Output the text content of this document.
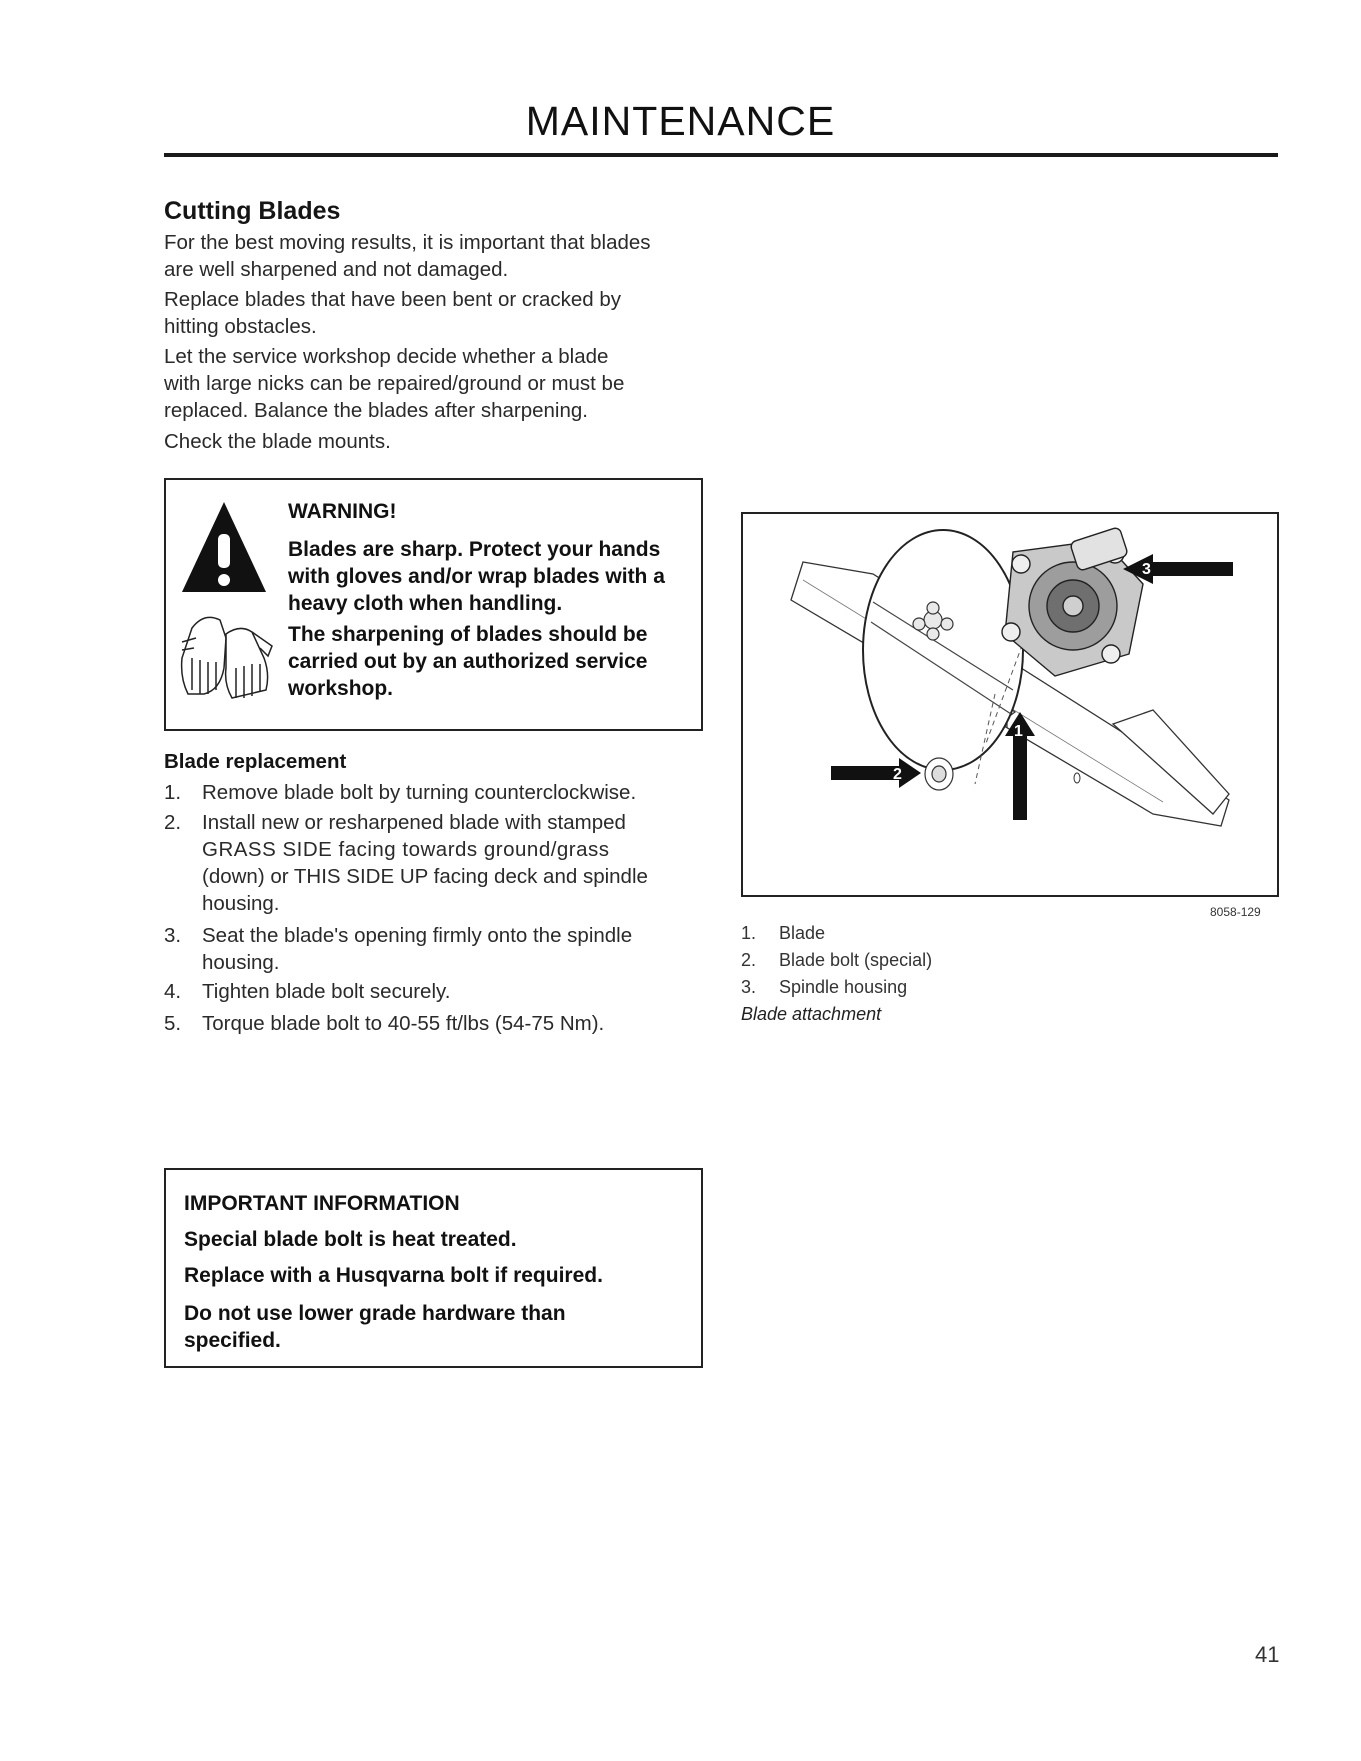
MAINTENANCE
Cutting Blades
For the best moving results, it is important that blades
are well sharpened and not damaged.
Replace blades that have been bent or cracked by
hitting obstacles.
Let the service workshop decide whether a blade
with large nicks can be repaired/ground or must be
replaced. Balance the blades after sharpening.
Check the blade mounts.
WARNING!
Blades are sharp. Protect your hands
with gloves and/or wrap blades with a
heavy cloth when handling.
The sharpening of blades should be
carried out by an authorized service
workshop.
Blade replacement
1. Remove blade bolt by turning counterclockwise.
2. Install new or resharpened blade with stamped
GRASS SIDE facing towards ground/grass
(down) or THIS SIDE UP facing deck and spindle
housing.
3. Seat the blade's opening firmly onto the spindle
housing.
4. Tighten blade bolt securely.
5. Torque blade bolt to 40-55 ft/lbs (54-75 Nm).
3
2
1
8058-129
1. Blade
2. Blade bolt (special)
3. Spindle housing
Blade attachment
IMPORTANT INFORMATION
Special blade bolt is heat treated.
Replace with a Husqvarna bolt if required.
Do not use lower grade hardware than
specified.
41
